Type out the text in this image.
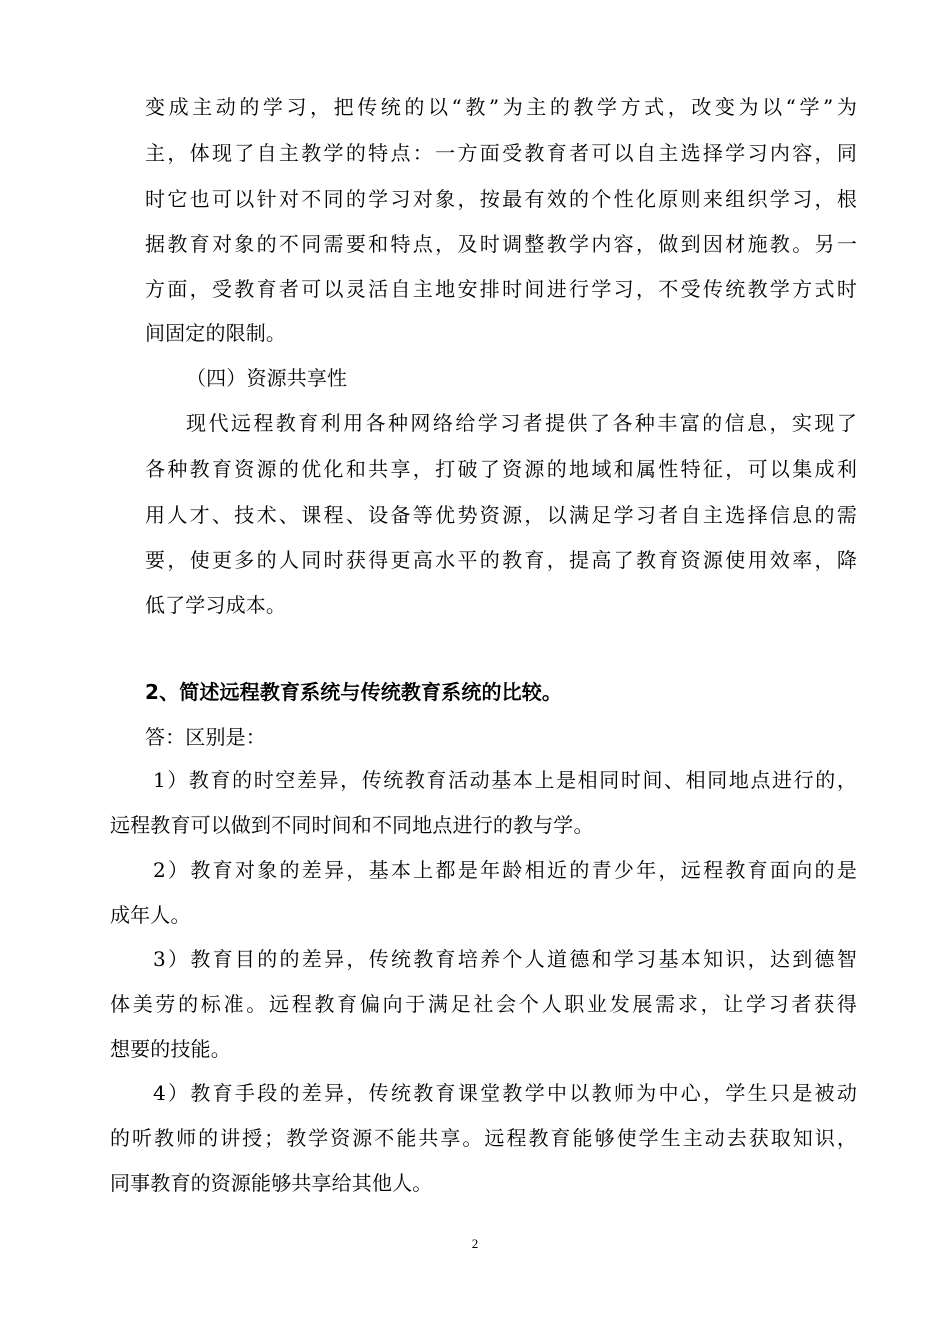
变成主动的学习，把传统的以“教”为主的教学方式，改变为以“学”为
主，体现了自主教学的特点：一方面受教育者可以自主选择学习内容，同
时它也可以针对不同的学习对象，按最有效的个性化原则来组织学习，根
据教育对象的不同需要和特点，及时调整教学内容，做到因材施教。另一
方面，受教育者可以灵活自主地安排时间进行学习，不受传统教学方式时
间固定的限制。
（四）资源共享性
现代远程教育利用各种网络给学习者提供了各种丰富的信息，实现了
各种教育资源的优化和共享，打破了资源的地域和属性特征，可以集成利
用人才、技术、课程、设备等优势资源，以满足学习者自主选择信息的需
要，使更多的人同时获得更高水平的教育，提高了教育资源使用效率，降
低了学习成本。
2、简述远程教育系统与传统教育系统的比较。
答：区别是：
1）教育的时空差异，传统教育活动基本上是相同时间、相同地点进行的，
远程教育可以做到不同时间和不同地点进行的教与学。
2）教育对象的差异，基本上都是年龄相近的青少年，远程教育面向的是
成年人。
3）教育目的的差异，传统教育培养个人道德和学习基本知识，达到德智
体美劳的标准。远程教育偏向于满足社会个人职业发展需求，让学习者获得
想要的技能。
4）教育手段的差异，传统教育课堂教学中以教师为中心，学生只是被动
的听教师的讲授；教学资源不能共享。远程教育能够使学生主动去获取知识，
同事教育的资源能够共享给其他人。
2
